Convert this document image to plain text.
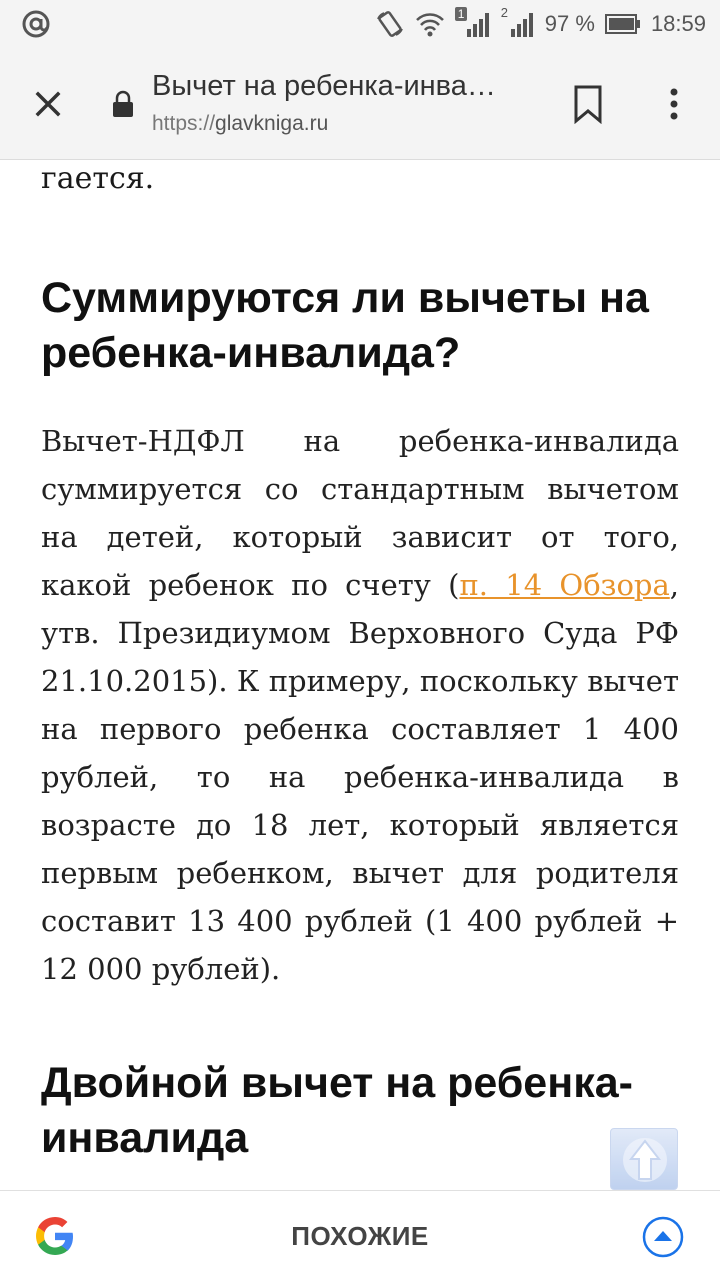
1	2 97 %	18:59
Вычет на ребенка-инва…
https://glavkniga.ru
гается.
Суммируются ли вычеты на ребенка-инвалида?

Вычет-НДФЛ на ребенка-инвалида суммируется со стандартным вычетом на детей, который зависит от того, какой ребенок по счету (п. 14 Обзора, утв. Президиумом Верховного Суда РФ 21.10.2015). К примеру, поскольку вычет на первого ребенка составляет 1 400 рублей, то на ребенка-инвалида в возрасте до 18 лет, который является первым ребенком, вычет для родителя составит 13 400 рублей (1 400 рублей + 12 000 рублей).

Двойной вычет на ребенка-инвалида
ПОХОЖИЕ
